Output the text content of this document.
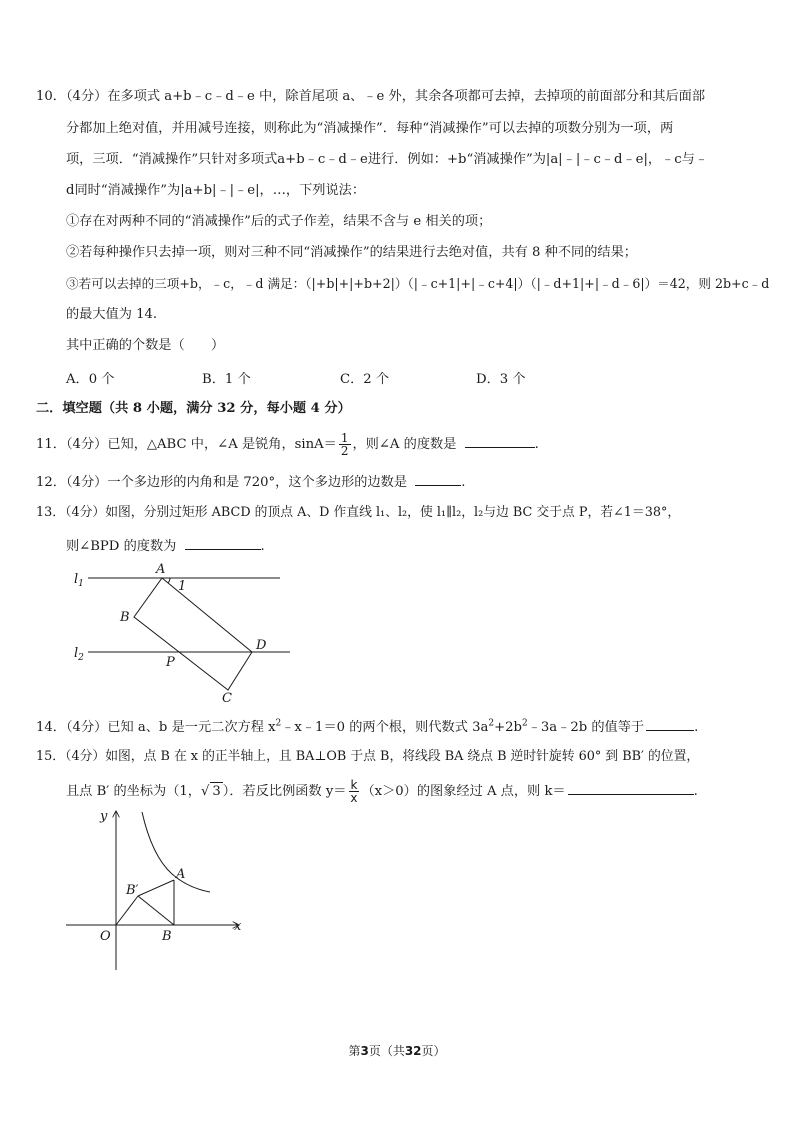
10．（4分）在多项式 a+b﹣c﹣d﹣e 中，除首尾项 a、﹣e 外，其余各项都可去掉，去掉项的前面部分和其后面部
分都加上绝对值，并用减号连接，则称此为“消减操作”．每种“消减操作”可以去掉的项数分别为一项，两
项，三项．“消减操作”只针对多项式a+b﹣c﹣d﹣e进行．例如：+b“消减操作”为|a|﹣|﹣c﹣d﹣e|，﹣c与﹣
d同时“消减操作”为|a+b|﹣|﹣e|，…，下列说法：
①存在对两种不同的“消减操作”后的式子作差，结果不含与 e 相关的项；
②若每种操作只去掉一项，则对三种不同“消减操作”的结果进行去绝对值，共有 8 种不同的结果；
③若可以去掉的三项+b，﹣c，﹣d 满足：（|+b|+|+b+2|）（|﹣c+1|+|﹣c+4|）（|﹣d+1|+|﹣d﹣6|）＝42，则 2b+c﹣d
的最大值为 14.
其中正确的个数是（　　）
A．0 个	B．1 个	C．2 个	D．3 个
二．填空题（共 8 小题，满分 32 分，每小题 4 分）
11．（4分）已知，△ABC 中，∠A 是锐角，$\sin A= \frac{1}{2}$ ，则∠A 的度数是	.
12．（4分）一个多边形的内角和是 720°，这个多边形的边数是	.
13．（4分）如图，分别过矩形 ABCD 的顶点 A、D 作直线 l₁、l₂，使 l₁∥l₂，l₂与边 BC 交于点 P，若∠1＝38°，
则∠BPD 的度数为	.
$l_1$
$l_2$
A
1
B
D
P
C
14．（4分）已知 a、b 是一元二次方程 $x^2﹣x﹣1=0$ 的两个根，则代数式 $3a^2+2b^2﹣3a﹣2b$ 的值等于	.
15．（4分）如图，点 B 在 x 的正半轴上，且 BA⊥OB 于点 B，将线段 BA 绕点 B 逆时针旋转 60° 到 BB′ 的位置，
且点 B′ 的坐标为（1，√ 3 ）．若反比例函数 $y= \frac{k}{x} (x>0)$的图象经过 A 点，则 k＝	.
y
x
O
A
B
B′
第3页（共32页）
